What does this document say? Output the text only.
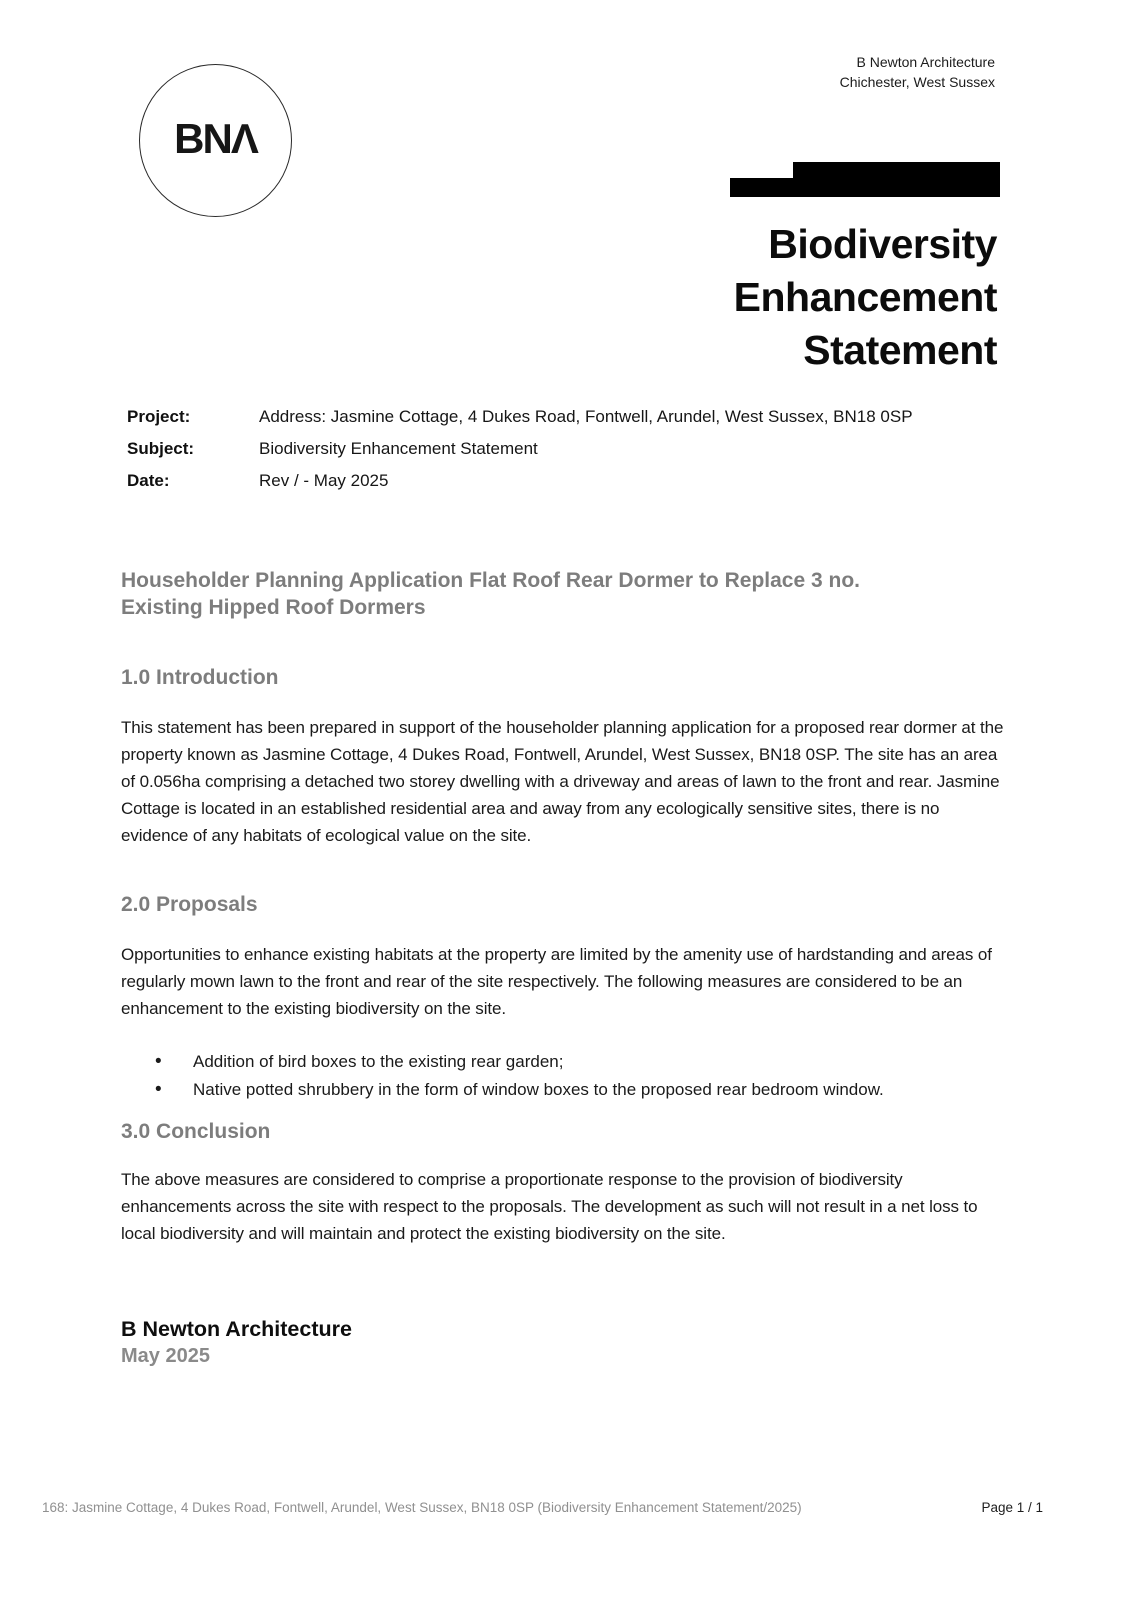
BNΛ
B Newton Architecture
Chichester, West Sussex
Biodiversity Enhancement Statement
Project:	Address: Jasmine Cottage, 4 Dukes Road, Fontwell, Arundel, West Sussex, BN18 0SP
Subject:	Biodiversity Enhancement Statement
Date:	Rev / - May 2025
Householder Planning Application Flat Roof Rear Dormer to Replace 3 no. Existing Hipped Roof Dormers
1.0 Introduction

This statement has been prepared in support of the householder planning application for a proposed rear dormer at the property known as Jasmine Cottage, 4 Dukes Road, Fontwell, Arundel, West Sussex, BN18 0SP. The site has an area of 0.056ha comprising a detached two storey dwelling with a driveway and areas of lawn to the front and rear. Jasmine Cottage is located in an established residential area and away from any ecologically sensitive sites, there is no evidence of any habitats of ecological value on the site.

2.0 Proposals

Opportunities to enhance existing habitats at the property are limited by the amenity use of hardstanding and areas of regularly mown lawn to the front and rear of the site respectively. The following measures are considered to be an enhancement to the existing biodiversity on the site.

• Addition of bird boxes to the existing rear garden;
• Native potted shrubbery in the form of window boxes to the proposed rear bedroom window.
3.0 Conclusion

The above measures are considered to comprise a proportionate response to the provision of biodiversity enhancements across the site with respect to the proposals. The development as such will not result in a net loss to local biodiversity and will maintain and protect the existing biodiversity on the site.

B Newton Architecture
May 2025
168: Jasmine Cottage, 4 Dukes Road, Fontwell, Arundel, West Sussex, BN18 0SP (Biodiversity Enhancement Statement/2025)	Page 1 / 1
